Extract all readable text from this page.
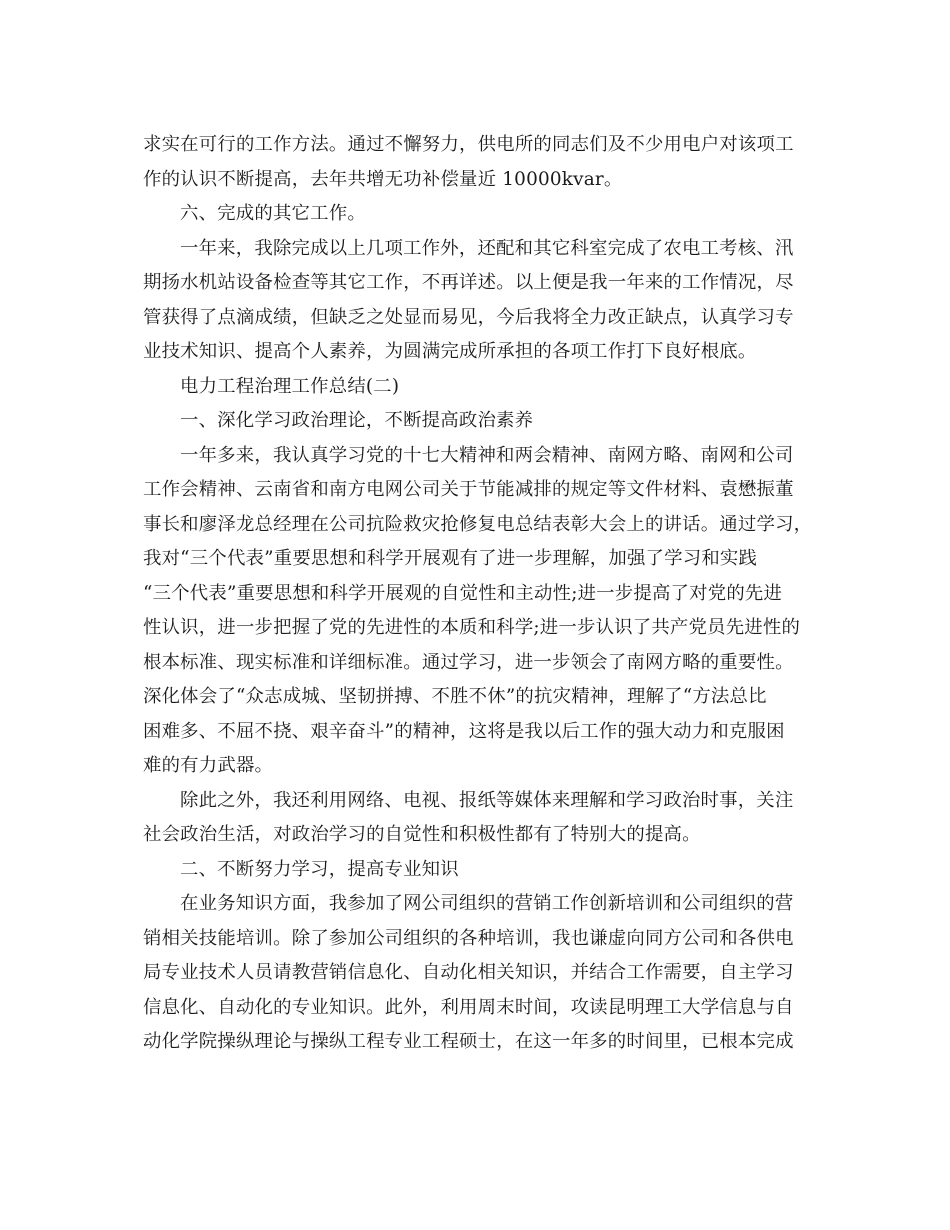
求实在可行的工作方法。通过不懈努力，供电所的同志们及不少用电户对该项工
作的认识不断提高，去年共增无功补偿量近 10000kvar。
六、完成的其它工作。
一年来，我除完成以上几项工作外，还配和其它科室完成了农电工考核、汛
期扬水机站设备检查等其它工作，不再详述。以上便是我一年来的工作情况，尽
管获得了点滴成绩，但缺乏之处显而易见，今后我将全力改正缺点，认真学习专
业技术知识、提高个人素养，为圆满完成所承担的各项工作打下良好根底。
电力工程治理工作总结(二)
一、深化学习政治理论，不断提高政治素养
一年多来，我认真学习党的十七大精神和两会精神、南网方略、南网和公司
工作会精神、云南省和南方电网公司关于节能减排的规定等文件材料、袁懋振董
事长和廖泽龙总经理在公司抗险救灾抢修复电总结表彰大会上的讲话。通过学习，
我对“三个代表”重要思想和科学开展观有了进一步理解，加强了学习和实践
“三个代表”重要思想和科学开展观的自觉性和主动性;进一步提高了对党的先进
性认识，进一步把握了党的先进性的本质和科学;进一步认识了共产党员先进性的
根本标准、现实标准和详细标准。通过学习，进一步领会了南网方略的重要性。
深化体会了“众志成城、坚韧拼搏、不胜不休”的抗灾精神，理解了“方法总比
困难多、不屈不挠、艰辛奋斗”的精神，这将是我以后工作的强大动力和克服困
难的有力武器。
除此之外，我还利用网络、电视、报纸等媒体来理解和学习政治时事，关注
社会政治生活，对政治学习的自觉性和积极性都有了特别大的提高。
二、不断努力学习，提高专业知识
在业务知识方面，我参加了网公司组织的营销工作创新培训和公司组织的营
销相关技能培训。除了参加公司组织的各种培训，我也谦虚向同方公司和各供电
局专业技术人员请教营销信息化、自动化相关知识，并结合工作需要，自主学习
信息化、自动化的专业知识。此外，利用周末时间，攻读昆明理工大学信息与自
动化学院操纵理论与操纵工程专业工程硕士，在这一年多的时间里，已根本完成
